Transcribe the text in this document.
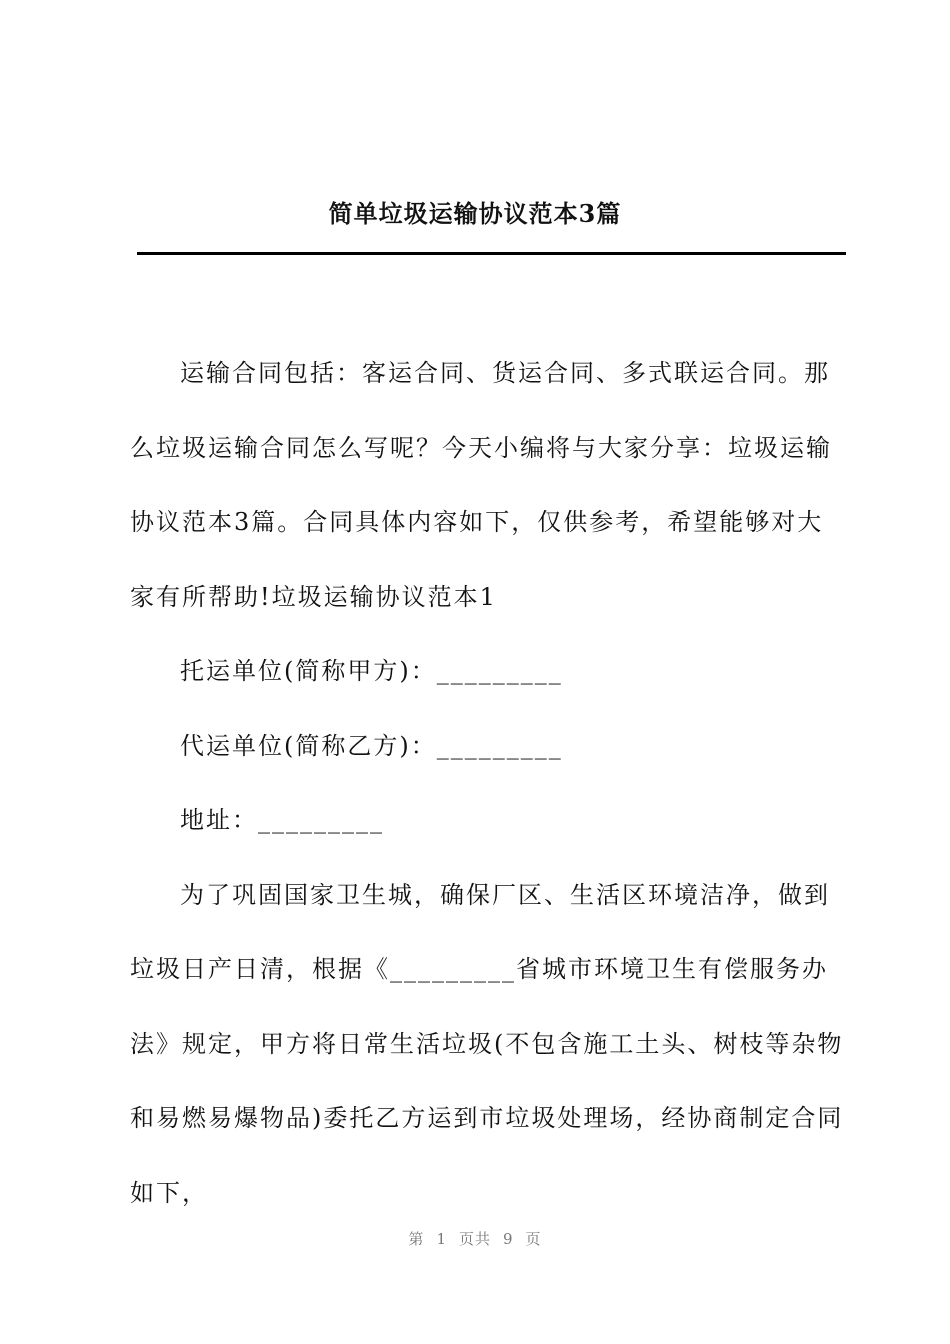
简单垃圾运输协议范本3篇

运输合同包括：客运合同、货运合同、多式联运合同。那么垃圾运输合同怎么写呢？今天小编将与大家分享：垃圾运输协议范本3篇。合同具体内容如下，仅供参考，希望能够对大家有所帮助!垃圾运输协议范本1

托运单位(简称甲方)：_________

代运单位(简称乙方)：_________

地址：_________

为了巩固国家卫生城，确保厂区、生活区环境洁净，做到垃圾日产日清，根据《_________省城市环境卫生有偿服务办法》规定，甲方将日常生活垃圾(不包含施工土头、树枝等杂物和易燃易爆物品)委托乙方运到市垃圾处理场，经协商制定合同如下，

第 1 页共 9 页
